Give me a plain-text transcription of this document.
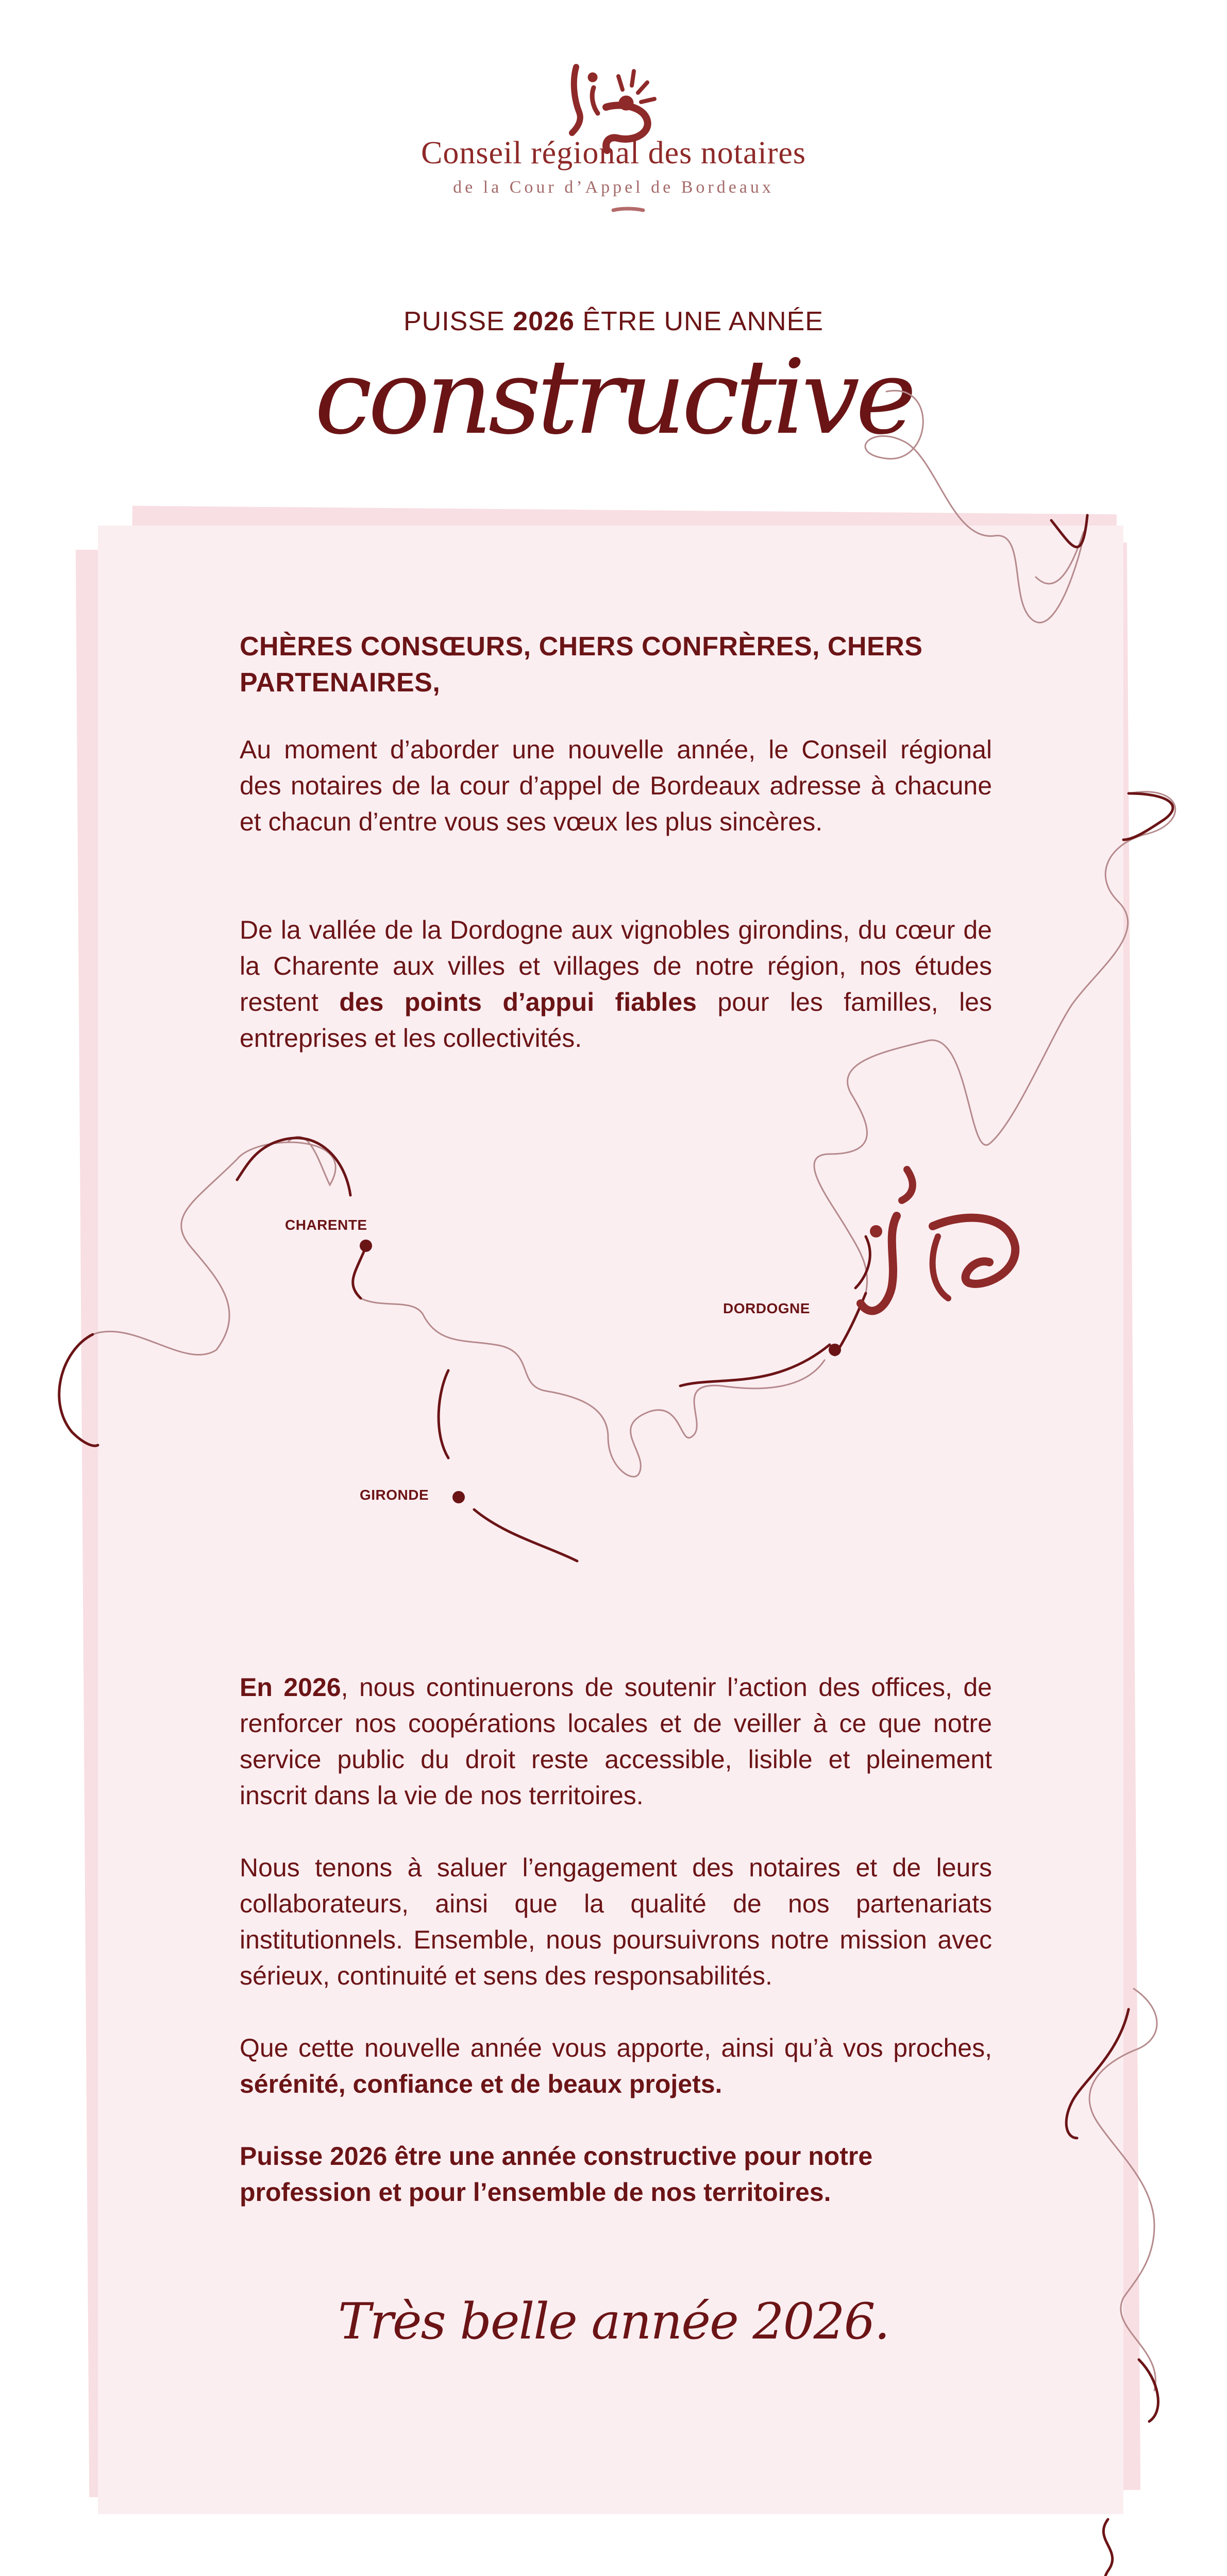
Conseil régional des notaires
de la Cour d’Appel de Bordeaux
PUISSE 2026 ÊTRE UNE ANNÉE
constructive
CHÈRES CONSŒURS, CHERS CONFRÈRES, CHERS PARTENAIRES,
Au moment d’aborder une nouvelle année, le Conseil régional des notaires de la cour d’appel de Bordeaux adresse à chacune et chacun d’entre vous ses vœux les plus sincères.
De la vallée de la Dordogne aux vignobles girondins, du cœur de la Charente aux villes et villages de notre région, nos études restent des points d’appui fiables pour les familles, les entreprises et les collectivités.
CHARENTE
DORDOGNE
GIRONDE
En 2026, nous continuerons de soutenir l’action des offices, de renforcer nos coopérations locales et de veiller à ce que notre service public du droit reste accessible, lisible et pleinement inscrit dans la vie de nos territoires.
Nous tenons à saluer l’engagement des notaires et de leurs collaborateurs, ainsi que la qualité de nos partenariats institutionnels. Ensemble, nous poursuivrons notre mission avec sérieux, continuité et sens des responsabilités.
Que cette nouvelle année vous apporte, ainsi qu’à vos proches, sérénité, confiance et de beaux projets.
Puisse 2026 être une année constructive pour notre profession et pour l’ensemble de nos territoires.
Très belle année 2026.
